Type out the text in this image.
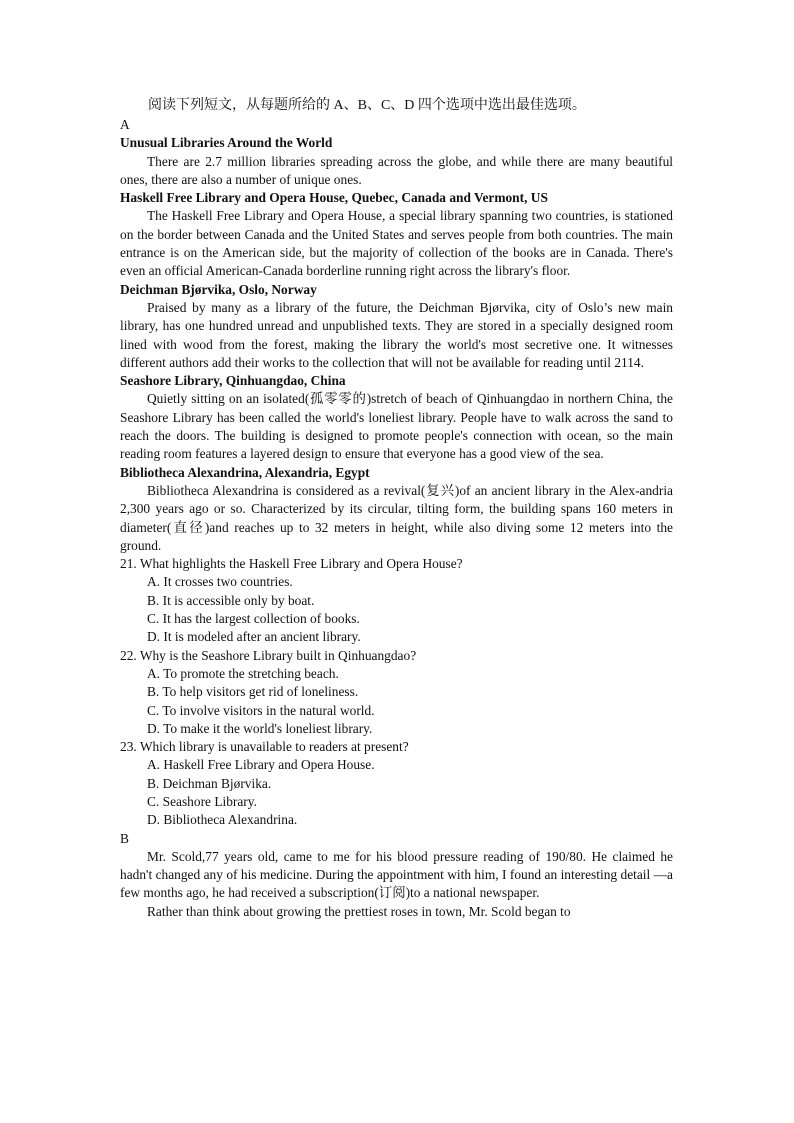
阅读下列短文，从每题所给的 A、B、C、D 四个选项中选出最佳选项。

A

Unusual Libraries Around the World

There are 2.7 million libraries spreading across the globe, and while there are many beautiful ones, there are also a number of unique ones.

Haskell Free Library and Opera House, Quebec, Canada and Vermont, US

The Haskell Free Library and Opera House, a special library spanning two countries, is stationed on the border between Canada and the United States and serves people from both countries. The main entrance is on the American side, but the majority of collection of the books are in Canada. There's even an official American-Canada borderline running right across the library's floor.

Deichman Bjørvika, Oslo, Norway

Praised by many as a library of the future, the Deichman Bjørvika, city of Oslo’s new main library, has one hundred unread and unpublished texts. They are stored in a specially designed room lined with wood from the forest, making the library the world's most secretive one. It witnesses different authors add their works to the collection that will not be available for reading until 2114.

Seashore Library, Qinhuangdao, China

Quietly sitting on an isolated(孤零零的)stretch of beach of Qinhuangdao in northern China, the Seashore Library has been called the world's loneliest library. People have to walk across the sand to reach the doors. The building is designed to promote people's connection with ocean, so the main reading room features a layered design to ensure that everyone has a good view of the sea.

Bibliotheca Alexandrina, Alexandria, Egypt

Bibliotheca Alexandrina is considered as a revival(复兴)of an ancient library in the Alex-andria 2,300 years ago or so. Characterized by its circular, tilting form, the building spans 160 meters in diameter(直径)and reaches up to 32 meters in height, while also diving some 12 meters into the ground.

21. What highlights the Haskell Free Library and Opera House?

A. It crosses two countries.

B. It is accessible only by boat.

C. It has the largest collection of books.

D. It is modeled after an ancient library.

22. Why is the Seashore Library built in Qinhuangdao?

A. To promote the stretching beach.

B. To help visitors get rid of loneliness.

C. To involve visitors in the natural world.

D. To make it the world's loneliest library.

23. Which library is unavailable to readers at present?

A. Haskell Free Library and Opera House.

B. Deichman Bjørvika.

C. Seashore Library.

D. Bibliotheca Alexandrina.

B

Mr. Scold,77 years old, came to me for his blood pressure reading of 190/80. He claimed he hadn't changed any of his medicine. During the appointment with him, I found an interesting detail —a few months ago, he had received a subscription(订阅)to a national newspaper.

Rather than think about growing the prettiest roses in town, Mr. Scold began to
